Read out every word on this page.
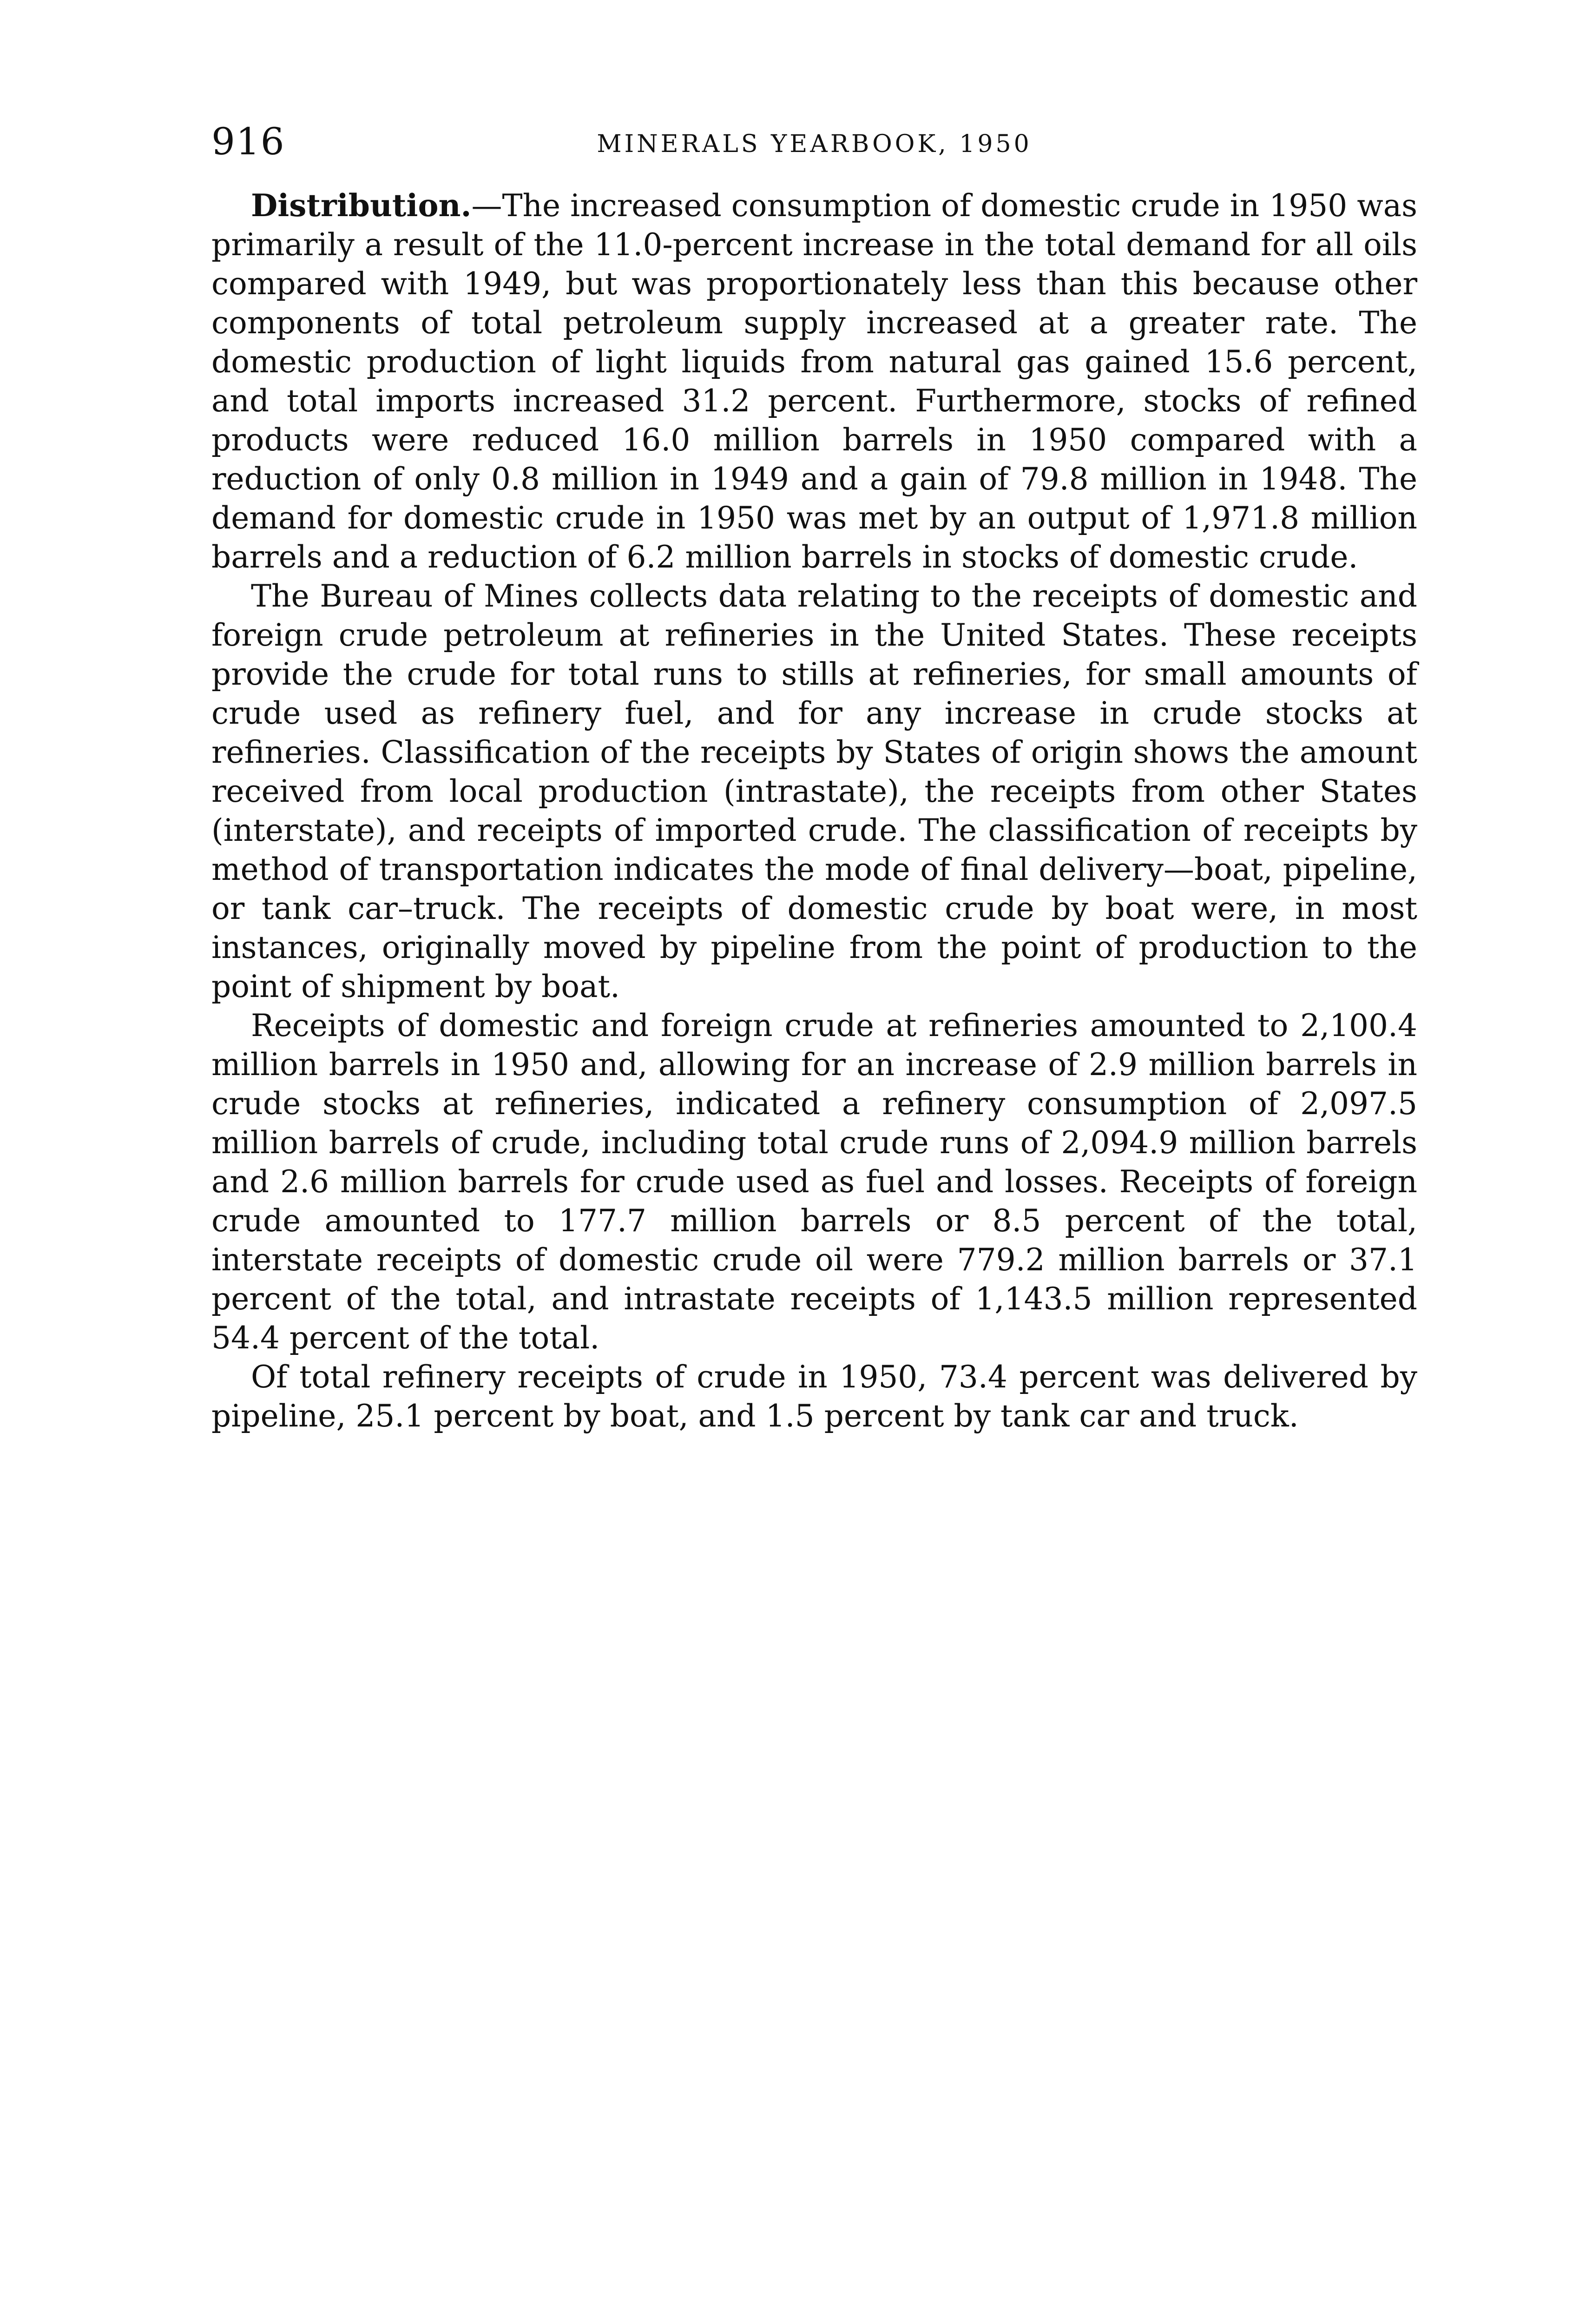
916	MINERALS YEARBOOK, 1950

Distribution.—The increased consumption of domestic crude in 1950 was primarily a result of the 11.0-percent increase in the total demand for all oils compared with 1949, but was proportionately less than this because other components of total petroleum supply increased at a greater rate. The domestic production of light liquids from natural gas gained 15.6 percent, and total imports increased 31.2 percent. Furthermore, stocks of refined products were reduced 16.0 million barrels in 1950 compared with a reduction of only 0.8 million in 1949 and a gain of 79.8 million in 1948. The demand for domestic crude in 1950 was met by an output of 1,971.8 million barrels and a reduction of 6.2 million barrels in stocks of domestic crude.

The Bureau of Mines collects data relating to the receipts of domestic and foreign crude petroleum at refineries in the United States. These receipts provide the crude for total runs to stills at refineries, for small amounts of crude used as refinery fuel, and for any increase in crude stocks at refineries. Classification of the receipts by States of origin shows the amount received from local production (intrastate), the receipts from other States (interstate), and receipts of imported crude. The classification of receipts by method of transportation indicates the mode of final delivery—boat, pipeline, or tank car–truck. The receipts of domestic crude by boat were, in most instances, originally moved by pipeline from the point of production to the point of shipment by boat.

Receipts of domestic and foreign crude at refineries amounted to 2,100.4 million barrels in 1950 and, allowing for an increase of 2.9 million barrels in crude stocks at refineries, indicated a refinery consumption of 2,097.5 million barrels of crude, including total crude runs of 2,094.9 million barrels and 2.6 million barrels for crude used as fuel and losses. Receipts of foreign crude amounted to 177.7 million barrels or 8.5 percent of the total, interstate receipts of domestic crude oil were 779.2 million barrels or 37.1 percent of the total, and intrastate receipts of 1,143.5 million represented 54.4 percent of the total.

Of total refinery receipts of crude in 1950, 73.4 percent was delivered by pipeline, 25.1 percent by boat, and 1.5 percent by tank car and truck.
